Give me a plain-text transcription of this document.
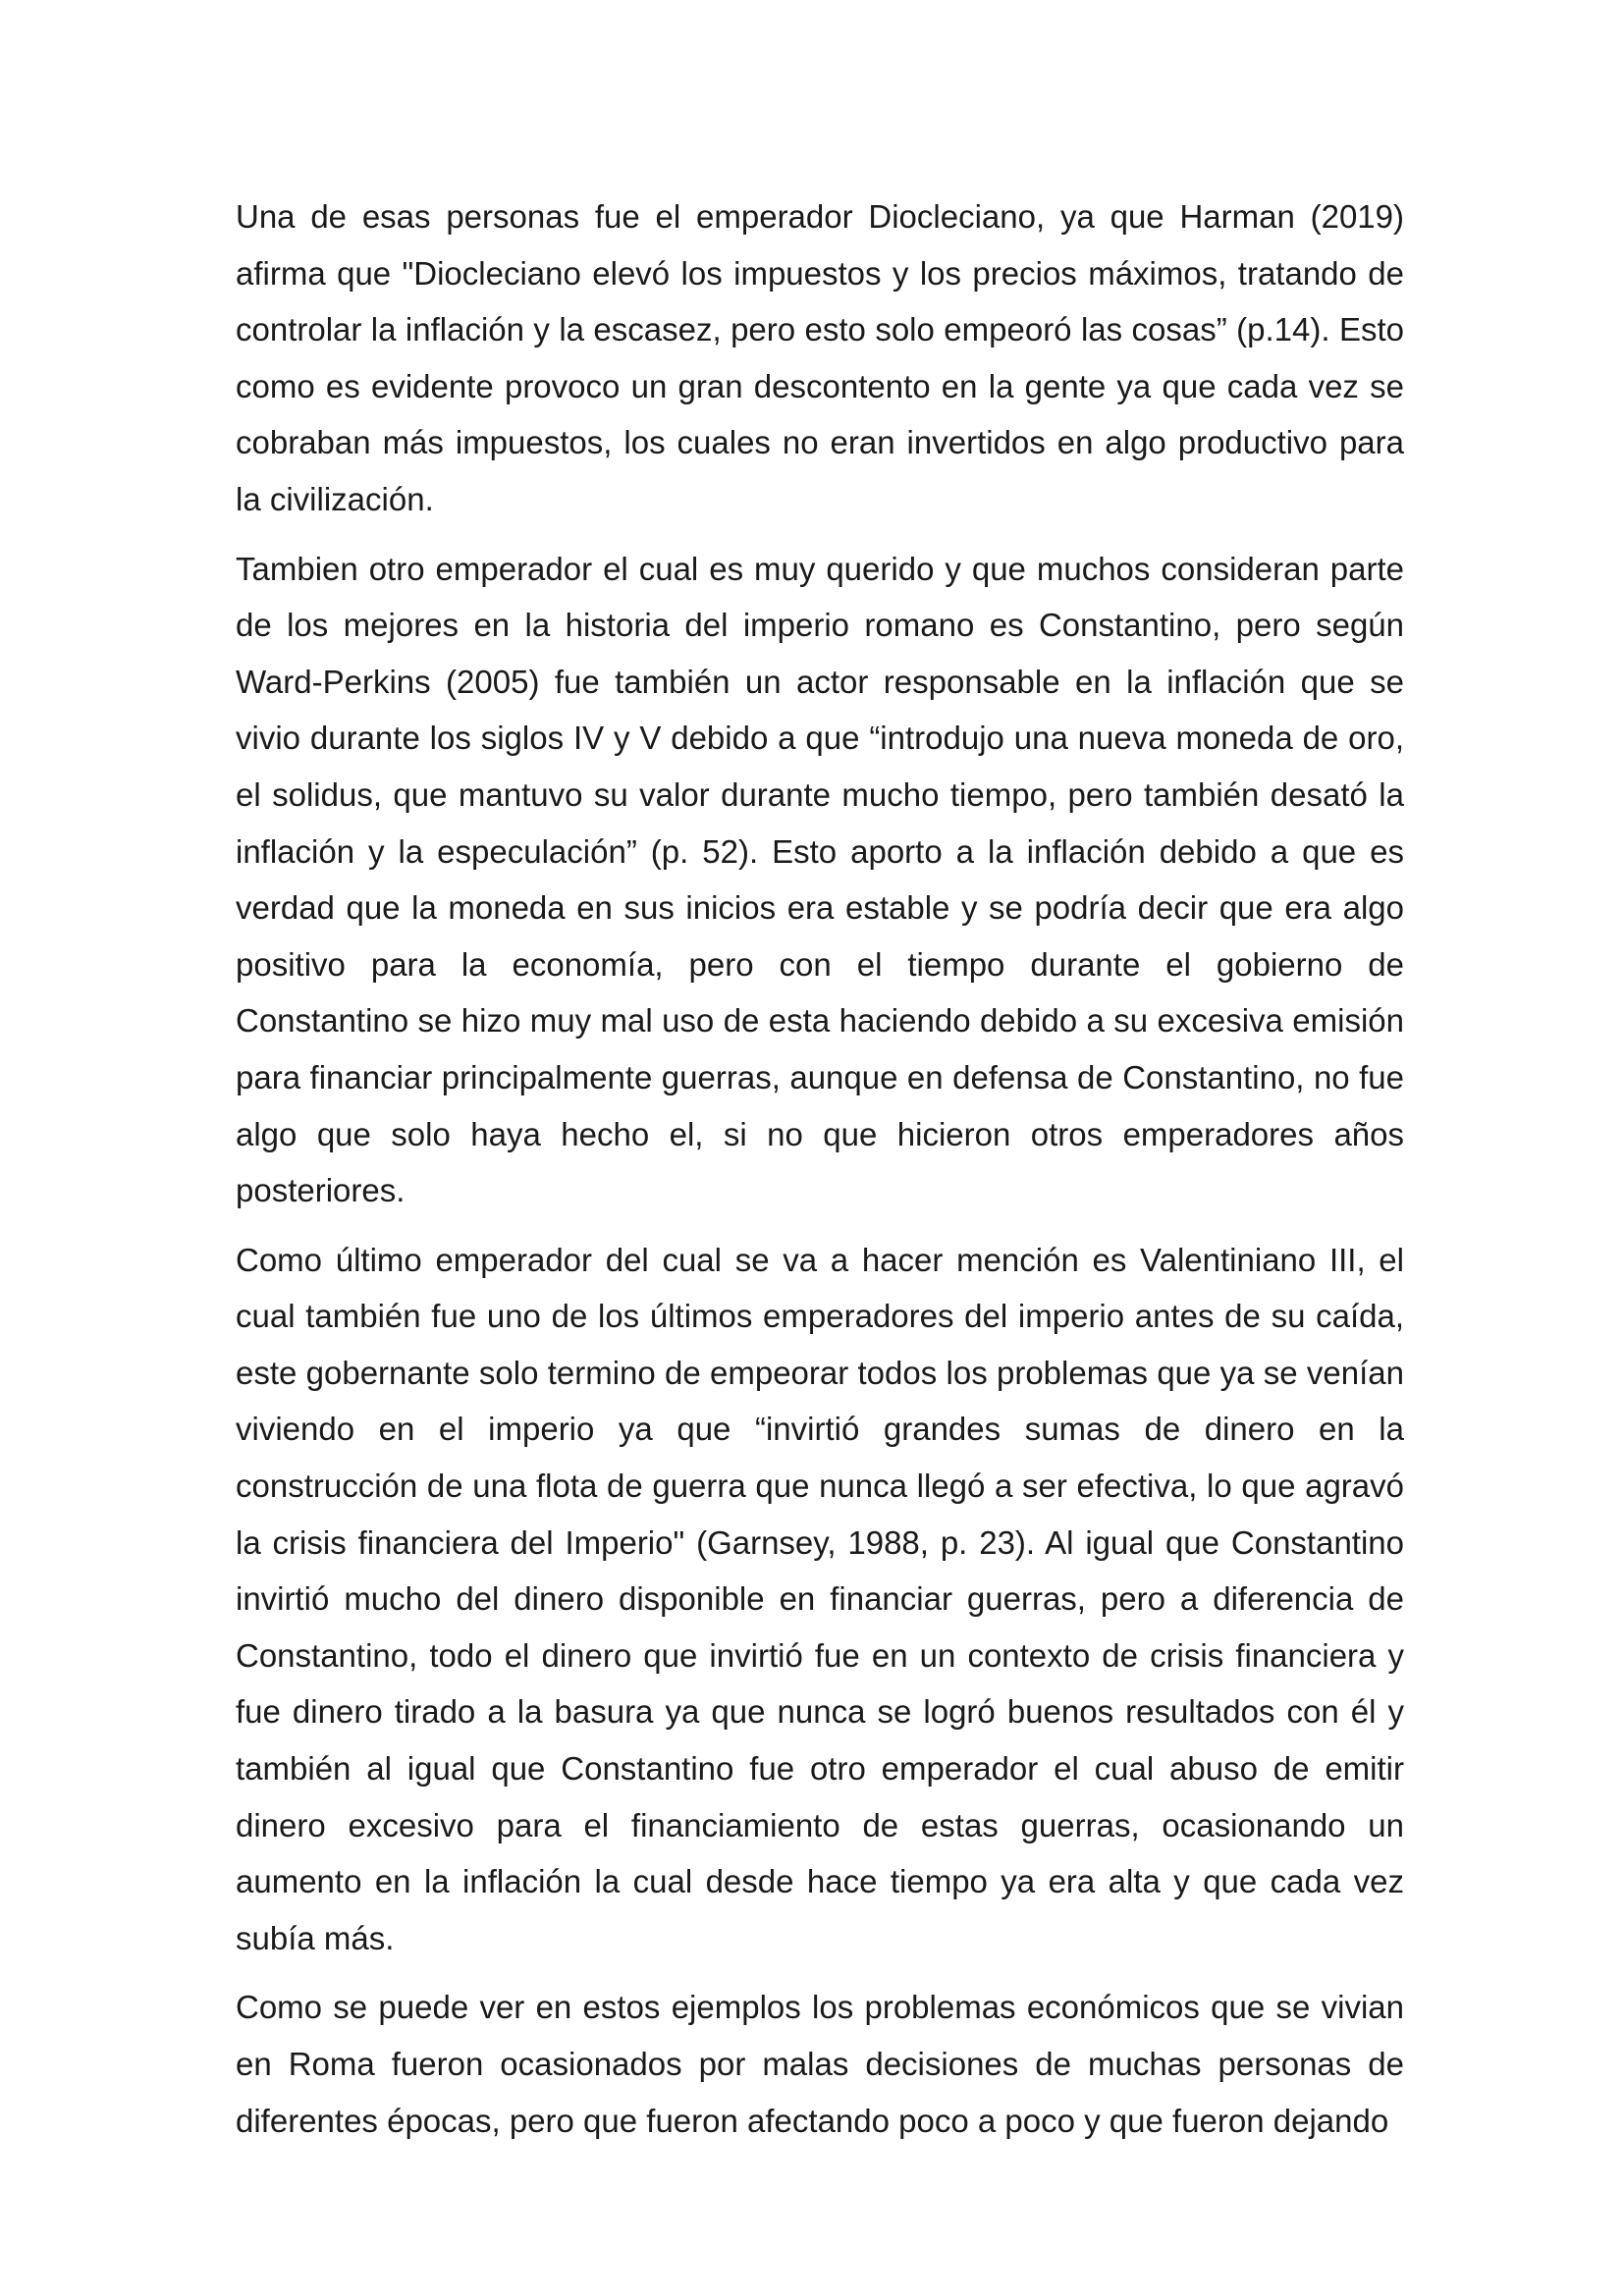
Una de esas personas fue el emperador Diocleciano, ya que Harman (2019) afirma que "Diocleciano elevó los impuestos y los precios máximos, tratando de controlar la inflación y la escasez, pero esto solo empeoró las cosas” (p.14). Esto como es evidente provoco un gran descontento en la gente ya que cada vez se cobraban más impuestos, los cuales no eran invertidos en algo productivo para la civilización.

Tambien otro emperador el cual es muy querido y que muchos consideran parte de los mejores en la historia del imperio romano es Constantino, pero según Ward-Perkins (2005) fue también un actor responsable en la inflación que se vivio durante los siglos IV y V debido a que “introdujo una nueva moneda de oro, el solidus, que mantuvo su valor durante mucho tiempo, pero también desató la inflación y la especulación” (p. 52). Esto aporto a la inflación debido a que es verdad que la moneda en sus inicios era estable y se podría decir que era algo positivo para la economía, pero con el tiempo durante el gobierno de Constantino se hizo muy mal uso de esta haciendo debido a su excesiva emisión para financiar principalmente guerras, aunque en defensa de Constantino, no fue algo que solo haya hecho el, si no que hicieron otros emperadores años posteriores.

Como último emperador del cual se va a hacer mención es Valentiniano III, el cual también fue uno de los últimos emperadores del imperio antes de su caída, este gobernante solo termino de empeorar todos los problemas que ya se venían viviendo en el imperio ya que “invirtió grandes sumas de dinero en la construcción de una flota de guerra que nunca llegó a ser efectiva, lo que agravó la crisis financiera del Imperio" (Garnsey, 1988, p. 23). Al igual que Constantino invirtió mucho del dinero disponible en financiar guerras, pero a diferencia de Constantino, todo el dinero que invirtió fue en un contexto de crisis financiera y fue dinero tirado a la basura ya que nunca se logró buenos resultados con él y también al igual que Constantino fue otro emperador el cual abuso de emitir dinero excesivo para el financiamiento de estas guerras, ocasionando un aumento en la inflación la cual desde hace tiempo ya era alta y que cada vez subía más.

Como se puede ver en estos ejemplos los problemas económicos que se vivian en Roma fueron ocasionados por malas decisiones de muchas personas de diferentes épocas, pero que fueron afectando poco a poco y que fueron dejando
